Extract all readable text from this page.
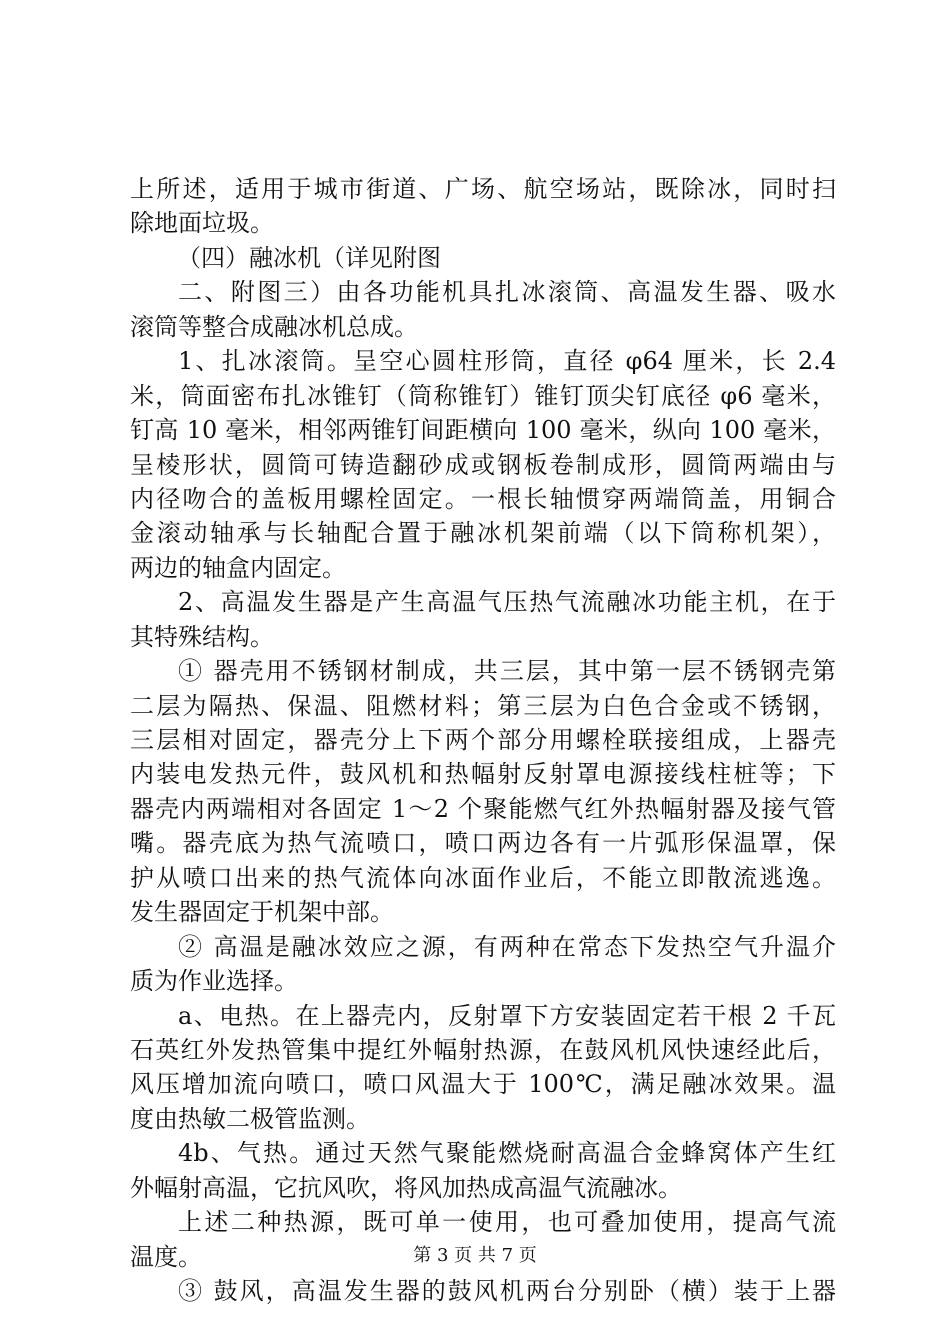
上所述，适用于城市街道、广场、航空场站，既除冰，同时扫
除地面垃圾。
（四）融冰机（详见附图
二、附图三）由各功能机具扎冰滚筒、高温发生器、吸水
滚筒等整合成融冰机总成。
1、扎冰滚筒。呈空心圆柱形筒，直径 φ64 厘米，长 2.4
米，筒面密布扎冰锥钉（筒称锥钉）锥钉顶尖钉底径 φ6 毫米，
钉高 10 毫米，相邻两锥钉间距横向 100 毫米，纵向 100 毫米，
呈棱形状，圆筒可铸造翻砂成或钢板卷制成形，圆筒两端由与
内径吻合的盖板用螺栓固定。一根长轴惯穿两端筒盖，用铜合
金滚动轴承与长轴配合置于融冰机架前端（以下筒称机架），
两边的轴盒内固定。
2、高温发生器是产生高温气压热气流融冰功能主机，在于
其特殊结构。
① 器壳用不锈钢材制成，共三层，其中第一层不锈钢壳第
二层为隔热、保温、阻燃材料；第三层为白色合金或不锈钢，
三层相对固定，器壳分上下两个部分用螺栓联接组成，上器壳
内装电发热元件，鼓风机和热幅射反射罩电源接线柱桩等；下
器壳内两端相对各固定 1～2 个聚能燃气红外热幅射器及接气管
嘴。器壳底为热气流喷口，喷口两边各有一片弧形保温罩，保
护从喷口出来的热气流体向冰面作业后，不能立即散流逃逸。
发生器固定于机架中部。
② 高温是融冰效应之源，有两种在常态下发热空气升温介
质为作业选择。
a、电热。在上器壳内，反射罩下方安装固定若干根 2 千瓦
石英红外发热管集中提红外幅射热源，在鼓风机风快速经此后，
风压增加流向喷口，喷口风温大于 100℃，满足融冰效果。温
度由热敏二极管监测。
4b、气热。通过天然气聚能燃烧耐高温合金蜂窝体产生红
外幅射高温，它抗风吹，将风加热成高温气流融冰。
上述二种热源，既可单一使用，也可叠加使用，提高气流
温度。
③ 鼓风，高温发生器的鼓风机两台分别卧（横）装于上器
第 3 页 共 7 页
